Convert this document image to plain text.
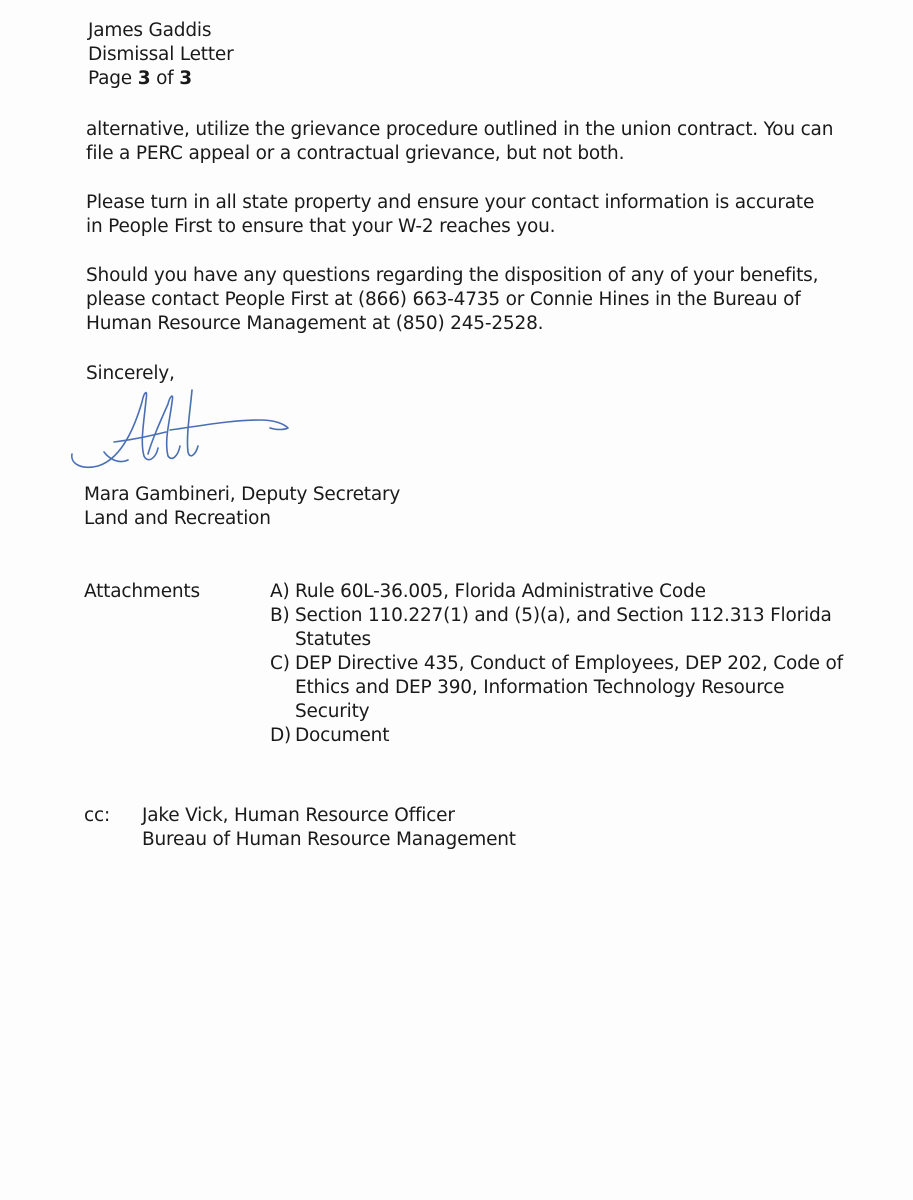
James Gaddis
Dismissal Letter
Page 3 of 3
alternative, utilize the grievance procedure outlined in the union contract. You can
file a PERC appeal or a contractual grievance, but not both.
Please turn in all state property and ensure your contact information is accurate
in People First to ensure that your W-2 reaches you.
Should you have any questions regarding the disposition of any of your benefits,
please contact People First at (866) 663-4735 or Connie Hines in the Bureau of
Human Resource Management at (850) 245-2528.
Sincerely,
Mara Gambineri, Deputy Secretary
Land and Recreation
Attachments	A) Rule 60L-36.005, Florida Administrative Code
B) Section 110.227(1) and (5)(a), and Section 112.313 Florida
Statutes
C) DEP Directive 435, Conduct of Employees, DEP 202, Code of
Ethics and DEP 390, Information Technology Resource
Security
D) Document
cc: Jake Vick, Human Resource Officer
Bureau of Human Resource Management
